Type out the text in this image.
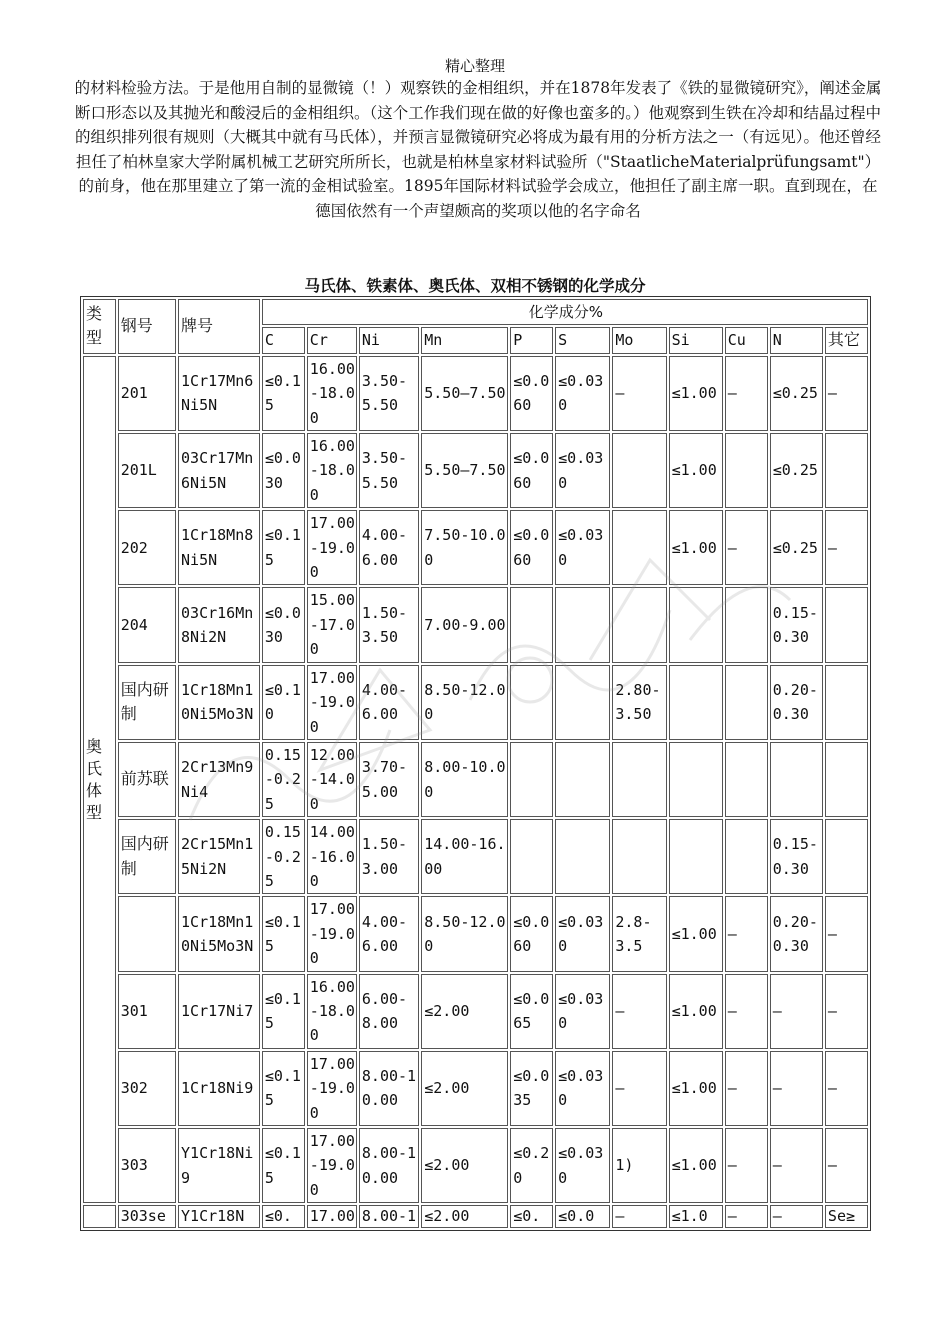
精心整理
的材料检验方法。于是他用自制的显微镜（！）观察铁的金相组织，并在1878年发表了《铁的显微镜研究》，阐述金属断口形态以及其抛光和酸浸后的金相组织。（这个工作我们现在做的好像也蛮多的。）他观察到生铁在冷却和结晶过程中的组织排列很有规则（大概其中就有马氏体），并预言显微镜研究必将成为最有用的分析方法之一（有远见）。他还曾经担任了柏林皇家大学附属机械工艺研究所所长，也就是柏林皇家材料试验所（"StaatlicheMaterialprüfungsamt"）的前身，他在那里建立了第一流的金相试验室。1895年国际材料试验学会成立，他担任了副主席一职。直到现在，在德国依然有一个声望颇高的奖项以他的名字命名
马氏体、铁素体、奥氏体、双相不锈钢的化学成分
类型	钢号	牌号	化学成分%										
			C	Cr	Ni	Mn	P	S	Mo	Si	Cu	N	其它
奥氏体型	201	1Cr17Mn6Ni5N	≤0.15	16.00-18.00	3.50-5.50	5.50—7.50	≤0.060	≤0.030	–	≤1.00	–	≤0.25	–
	201L	03Cr17Mn6Ni5N	≤0.030	16.00-18.00	3.50-5.50	5.50—7.50	≤0.060	≤0.030		≤1.00		≤0.25	
	202	1Cr18Mn8Ni5N	≤0.15	17.00-19.00	4.00-6.00	7.50-10.00	≤0.060	≤0.030		≤1.00	–	≤0.25	—
	204	03Cr16Mn8Ni2N	≤0.030	15.00-17.00	1.50-3.50	7.00-9.00						0.15-0.30	
	国内研制	1Cr18Mn10Ni5Mo3N	≤0.10	17.00-19.00	4.00-6.00	8.50-12.00			2.80-3.50			0.20-0.30	
	前苏联	2Cr13Mn9Ni4	0.15-0.25	12.00-14.00	3.70-5.00	8.00-10.00							
	国内研制	2Cr15Mn15Ni2N	0.15-0.25	14.00-16.00	1.50-3.00	14.00-16.00						0.15-0.30	
		1Cr18Mn10Ni5Mo3N	≤0.15	17.00-19.00	4.00-6.00	8.50-12.00	≤0.060	≤0.030	2.8-3.5	≤1.00	–	0.20-0.30	–
	301	1Cr17Ni7	≤0.15	16.00-18.00	6.00-8.00	≤2.00	≤0.065	≤0.030	–	≤1.00	–	–	–
	302	1Cr18Ni9	≤0.15	17.00-19.00	8.00-10.00	≤2.00	≤0.035	≤0.030	–	≤1.00	–	–	–
	303	Y1Cr18Ni9	≤0.15	17.00-19.00	8.00-10.00	≤2.00	≤0.20	≤0.030	1)	≤1.00	–	–	–
	303se	Y1Cr18N	≤0.	17.00	8.00-1	≤2.00	≤0.	≤0.0	–	≤1.0	–	–	Se≥
